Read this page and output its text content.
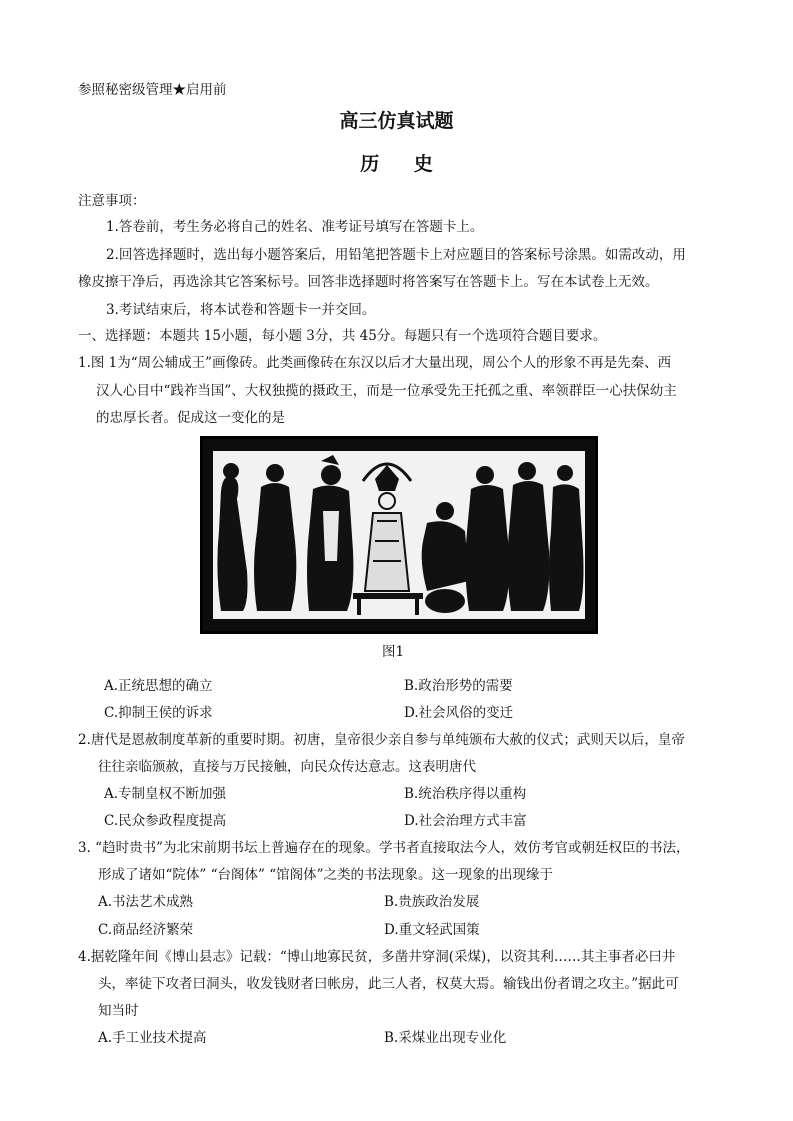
参照秘密级管理★启用前
高三仿真试题
历 史
注意事项：
1.答卷前，考生务必将自己的姓名、准考证号填写在答题卡上。
2.回答选择题时，选出每小题答案后，用铅笔把答题卡上对应题目的答案标号涂黑。如需改动，用
橡皮擦干净后，再选涂其它答案标号。回答非选择题时将答案写在答题卡上。写在本试卷上无效。
3.考试结束后，将本试卷和答题卡一并交回。
一、选择题：本题共 15小题，每小题 3分，共 45分。每题只有一个选项符合题目要求。
1.图 1为“周公辅成王”画像砖。此类画像砖在东汉以后才大量出现，周公个人的形象不再是先秦、西
汉人心目中“践祚当国”、大权独揽的摄政王，而是一位承受先王托孤之重、率领群臣一心扶保幼主
的忠厚长者。促成这一变化的是
图1
A.正统思想的确立	B.政治形势的需要
C.抑制王侯的诉求	D.社会风俗的变迁
2.唐代是恩赦制度革新的重要时期。初唐，皇帝很少亲自参与单纯颁布大赦的仪式；武则天以后，皇帝
往往亲临颁赦，直接与万民接触，向民众传达意志。这表明唐代
A.专制皇权不断加强	B.统治秩序得以重构
C.民众参政程度提高	D.社会治理方式丰富
3. “趋时贵书”为北宋前期书坛上普遍存在的现象。学书者直接取法今人，效仿考官或朝廷权臣的书法，
形成了诸如“院体” “台阁体” “馆阁体”之类的书法现象。这一现象的出现缘于
A.书法艺术成熟	B.贵族政治发展
C.商品经济繁荣	D.重文轻武国策
4.据乾隆年间《博山县志》记载：“博山地寡民贫，多凿井穿洞(采煤)，以资其利……其主事者必曰井
头，率徒下攻者曰洞头，收发钱财者曰帐房，此三人者，权莫大焉。输钱出份者谓之攻主。”据此可
知当时
A.手工业技术提高	B.采煤业出现专业化
